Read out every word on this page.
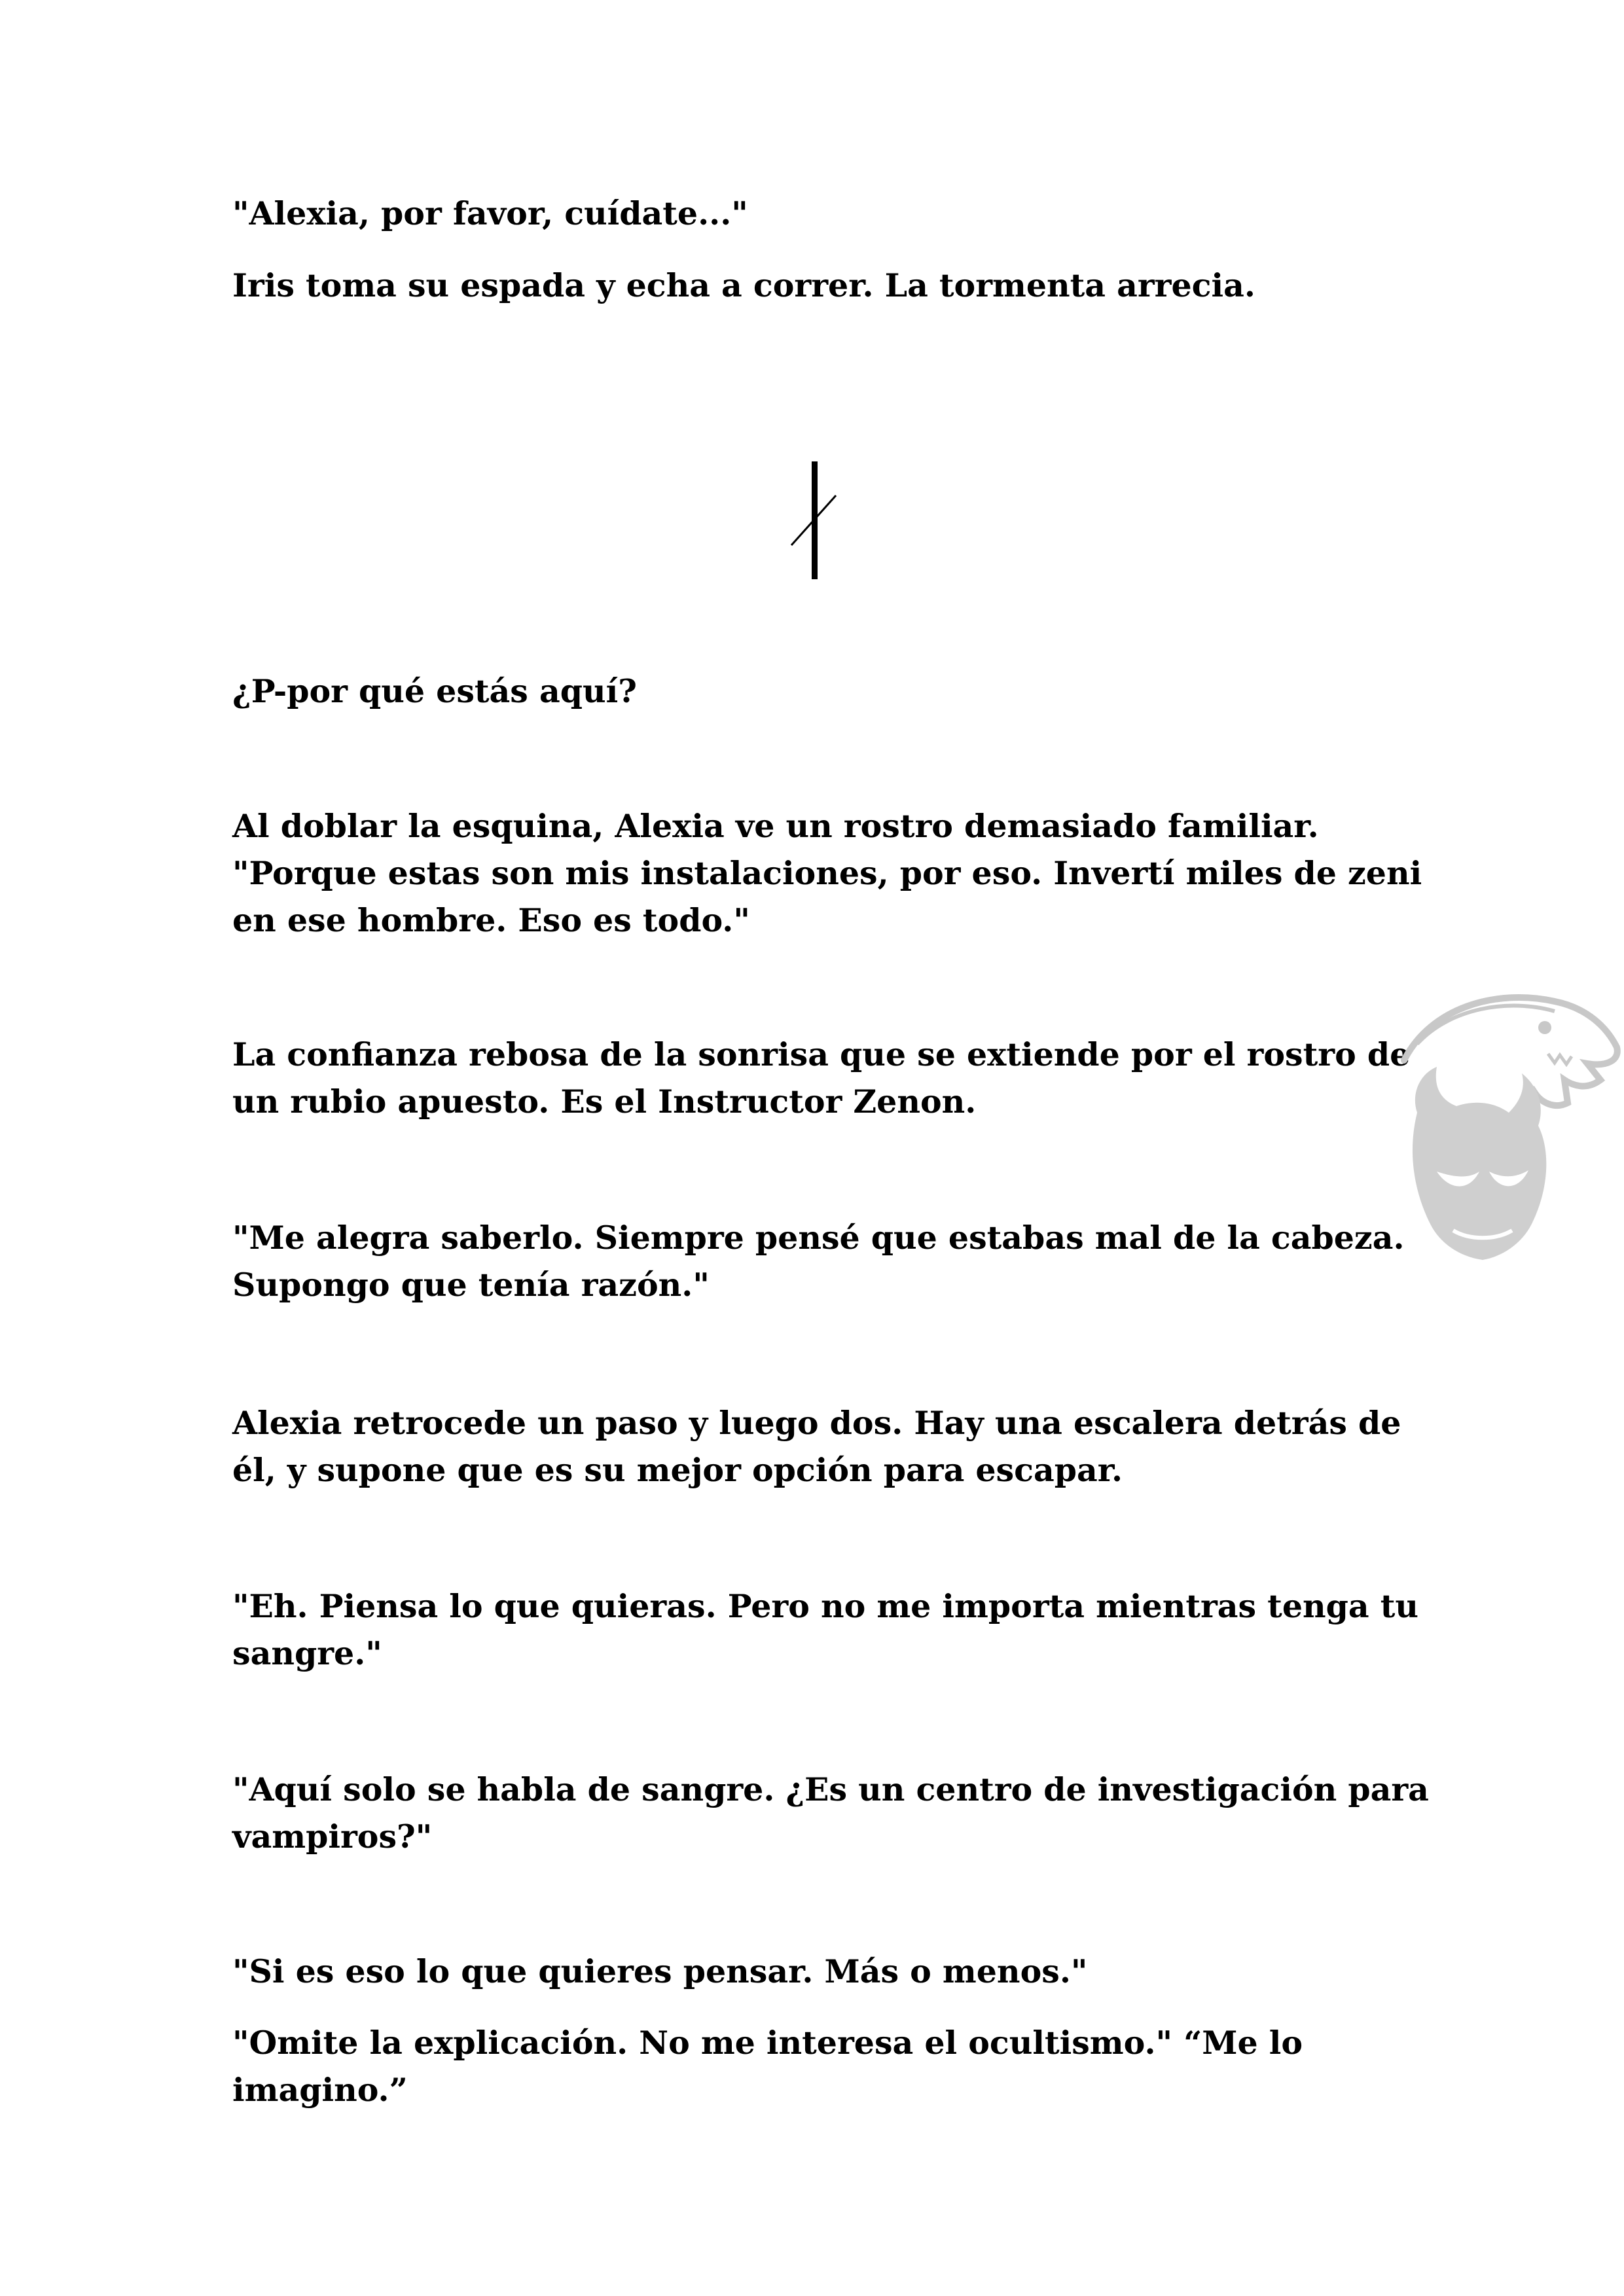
"Alexia, por favor, cuídate..."

Iris toma su espada y echa a correr. La tormenta arrecia.

¿P-por qué estás aquí?

Al doblar la esquina, Alexia ve un rostro demasiado familiar. "Porque estas son mis instalaciones, por eso. Invertí miles de zeni en ese hombre. Eso es todo."

La confianza rebosa de la sonrisa que se extiende por el rostro de un rubio apuesto. Es el Instructor Zenon.

"Me alegra saberlo. Siempre pensé que estabas mal de la cabeza. Supongo que tenía razón."

Alexia retrocede un paso y luego dos. Hay una escalera detrás de él, y supone que es su mejor opción para escapar.

"Eh. Piensa lo que quieras. Pero no me importa mientras tenga tu sangre."

"Aquí solo se habla de sangre. ¿Es un centro de investigación para vampiros?"

"Si es eso lo que quieres pensar. Más o menos."

"Omite la explicación. No me interesa el ocultismo." “Me lo imagino.”
